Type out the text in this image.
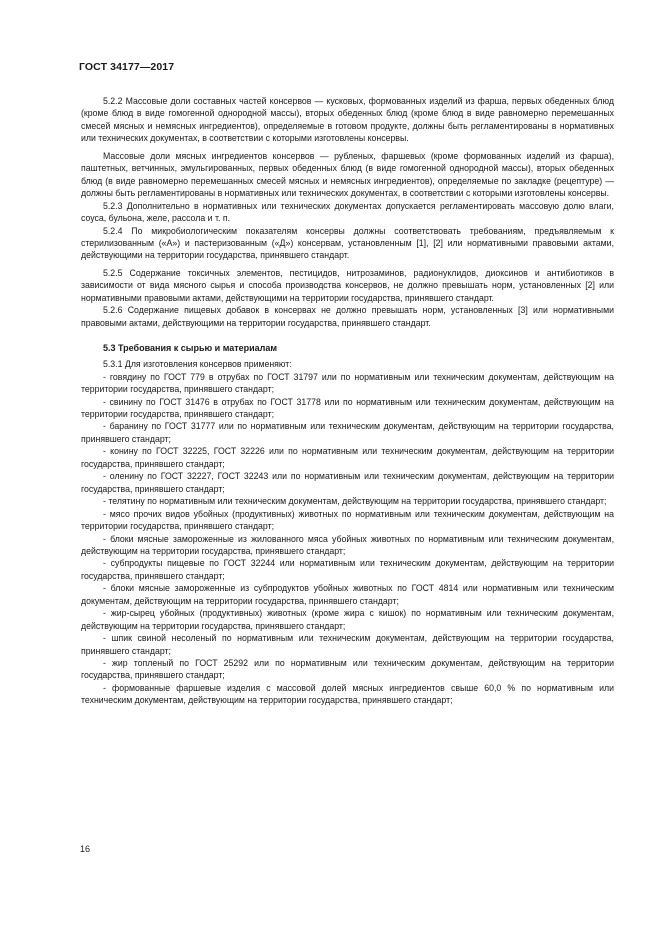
ГОСТ 34177—2017

5.2.2 Массовые доли составных частей консервов — кусковых, формованных изделий из фарша, первых обеденных блюд (кроме блюд в виде гомогенной однородной массы), вторых обеденных блюд (кроме блюд в виде равномерно перемешанных смесей мясных и немясных ингредиентов), определяемые в готовом продукте, должны быть регламентированы в нормативных или технических документах, в соответствии с которыми изготовлены консервы.

Массовые доли мясных ингредиентов консервов — рубленых, фаршевых (кроме формованных изделий из фарша), паштетных, ветчинных, эмульгированных, первых обеденных блюд (в виде гомогенной однородной массы), вторых обеденных блюд (в виде равномерно перемешанных смесей мясных и немясных ингредиентов), определяемые по закладке (рецептуре) — должны быть регламентированы в нормативных или технических документах, в соответствии с которыми изготовлены консервы.

5.2.3 Дополнительно в нормативных или технических документах допускается регламентировать массовую долю влаги, соуса, бульона, желе, рассола и т. п.

5.2.4 По микробиологическим показателям консервы должны соответствовать требованиям, предъявляемым к стерилизованным («А») и пастеризованным («Д») консервам, установленным [1], [2] или нормативными правовыми актами, действующими на территории государства, принявшего стандарт.

5.2.5 Содержание токсичных элементов, пестицидов, нитрозаминов, радионуклидов, диоксинов и антибиотиков в зависимости от вида мясного сырья и способа производства консервов, не должно превышать норм, установленных [2] или нормативными правовыми актами, действующими на территории государства, принявшего стандарт.

5.2.6 Содержание пищевых добавок в консервах не должно превышать норм, установленных [3] или нормативными правовыми актами, действующими на территории государства, принявшего стандарт.

5.3 Требования к сырью и материалам

5.3.1 Для изготовления консервов применяют:

- говядину по ГОСТ 779 в отрубах по ГОСТ 31797 или по нормативным или техническим документам, действующим на территории государства, принявшего стандарт;

- свинину по ГОСТ 31476 в отрубах по ГОСТ 31778 или по нормативным или техническим документам, действующим на территории государства, принявшего стандарт;

- баранину по ГОСТ 31777 или по нормативным или техническим документам, действующим на территории государства, принявшего стандарт;

- конину по ГОСТ 32225, ГОСТ 32226 или по нормативным или техническим документам, действующим на территории государства, принявшего стандарт;

- оленину по ГОСТ 32227, ГОСТ 32243 или по нормативным или техническим документам, действующим на территории государства, принявшего стандарт;

- телятину по нормативным или техническим документам, действующим на территории государства, принявшего стандарт;

- мясо прочих видов убойных (продуктивных) животных по нормативным или техническим документам, действующим на территории государства, принявшего стандарт;

- блоки мясные замороженные из жилованного мяса убойных животных по нормативным или техническим документам, действующим на территории государства, принявшего стандарт;

- субпродукты пищевые по ГОСТ 32244 или нормативным или техническим документам, действующим на территории государства, принявшего стандарт;

- блоки мясные замороженные из субпродуктов убойных животных по ГОСТ 4814 или нормативным или техническим документам, действующим на территории государства, принявшего стандарт;

- жир-сырец убойных (продуктивных) животных (кроме жира с кишок) по нормативным или техническим документам, действующим на территории государства, принявшего стандарт;

- шпик свиной несоленый по нормативным или техническим документам, действующим на территории государства, принявшего стандарт;

- жир топленый по ГОСТ 25292 или по нормативным или техническим документам, действующим на территории государства, принявшего стандарт;

- формованные фаршевые изделия с массовой долей мясных ингредиентов свыше 60,0 % по нормативным или техническим документам, действующим на территории государства, принявшего стандарт;

16
